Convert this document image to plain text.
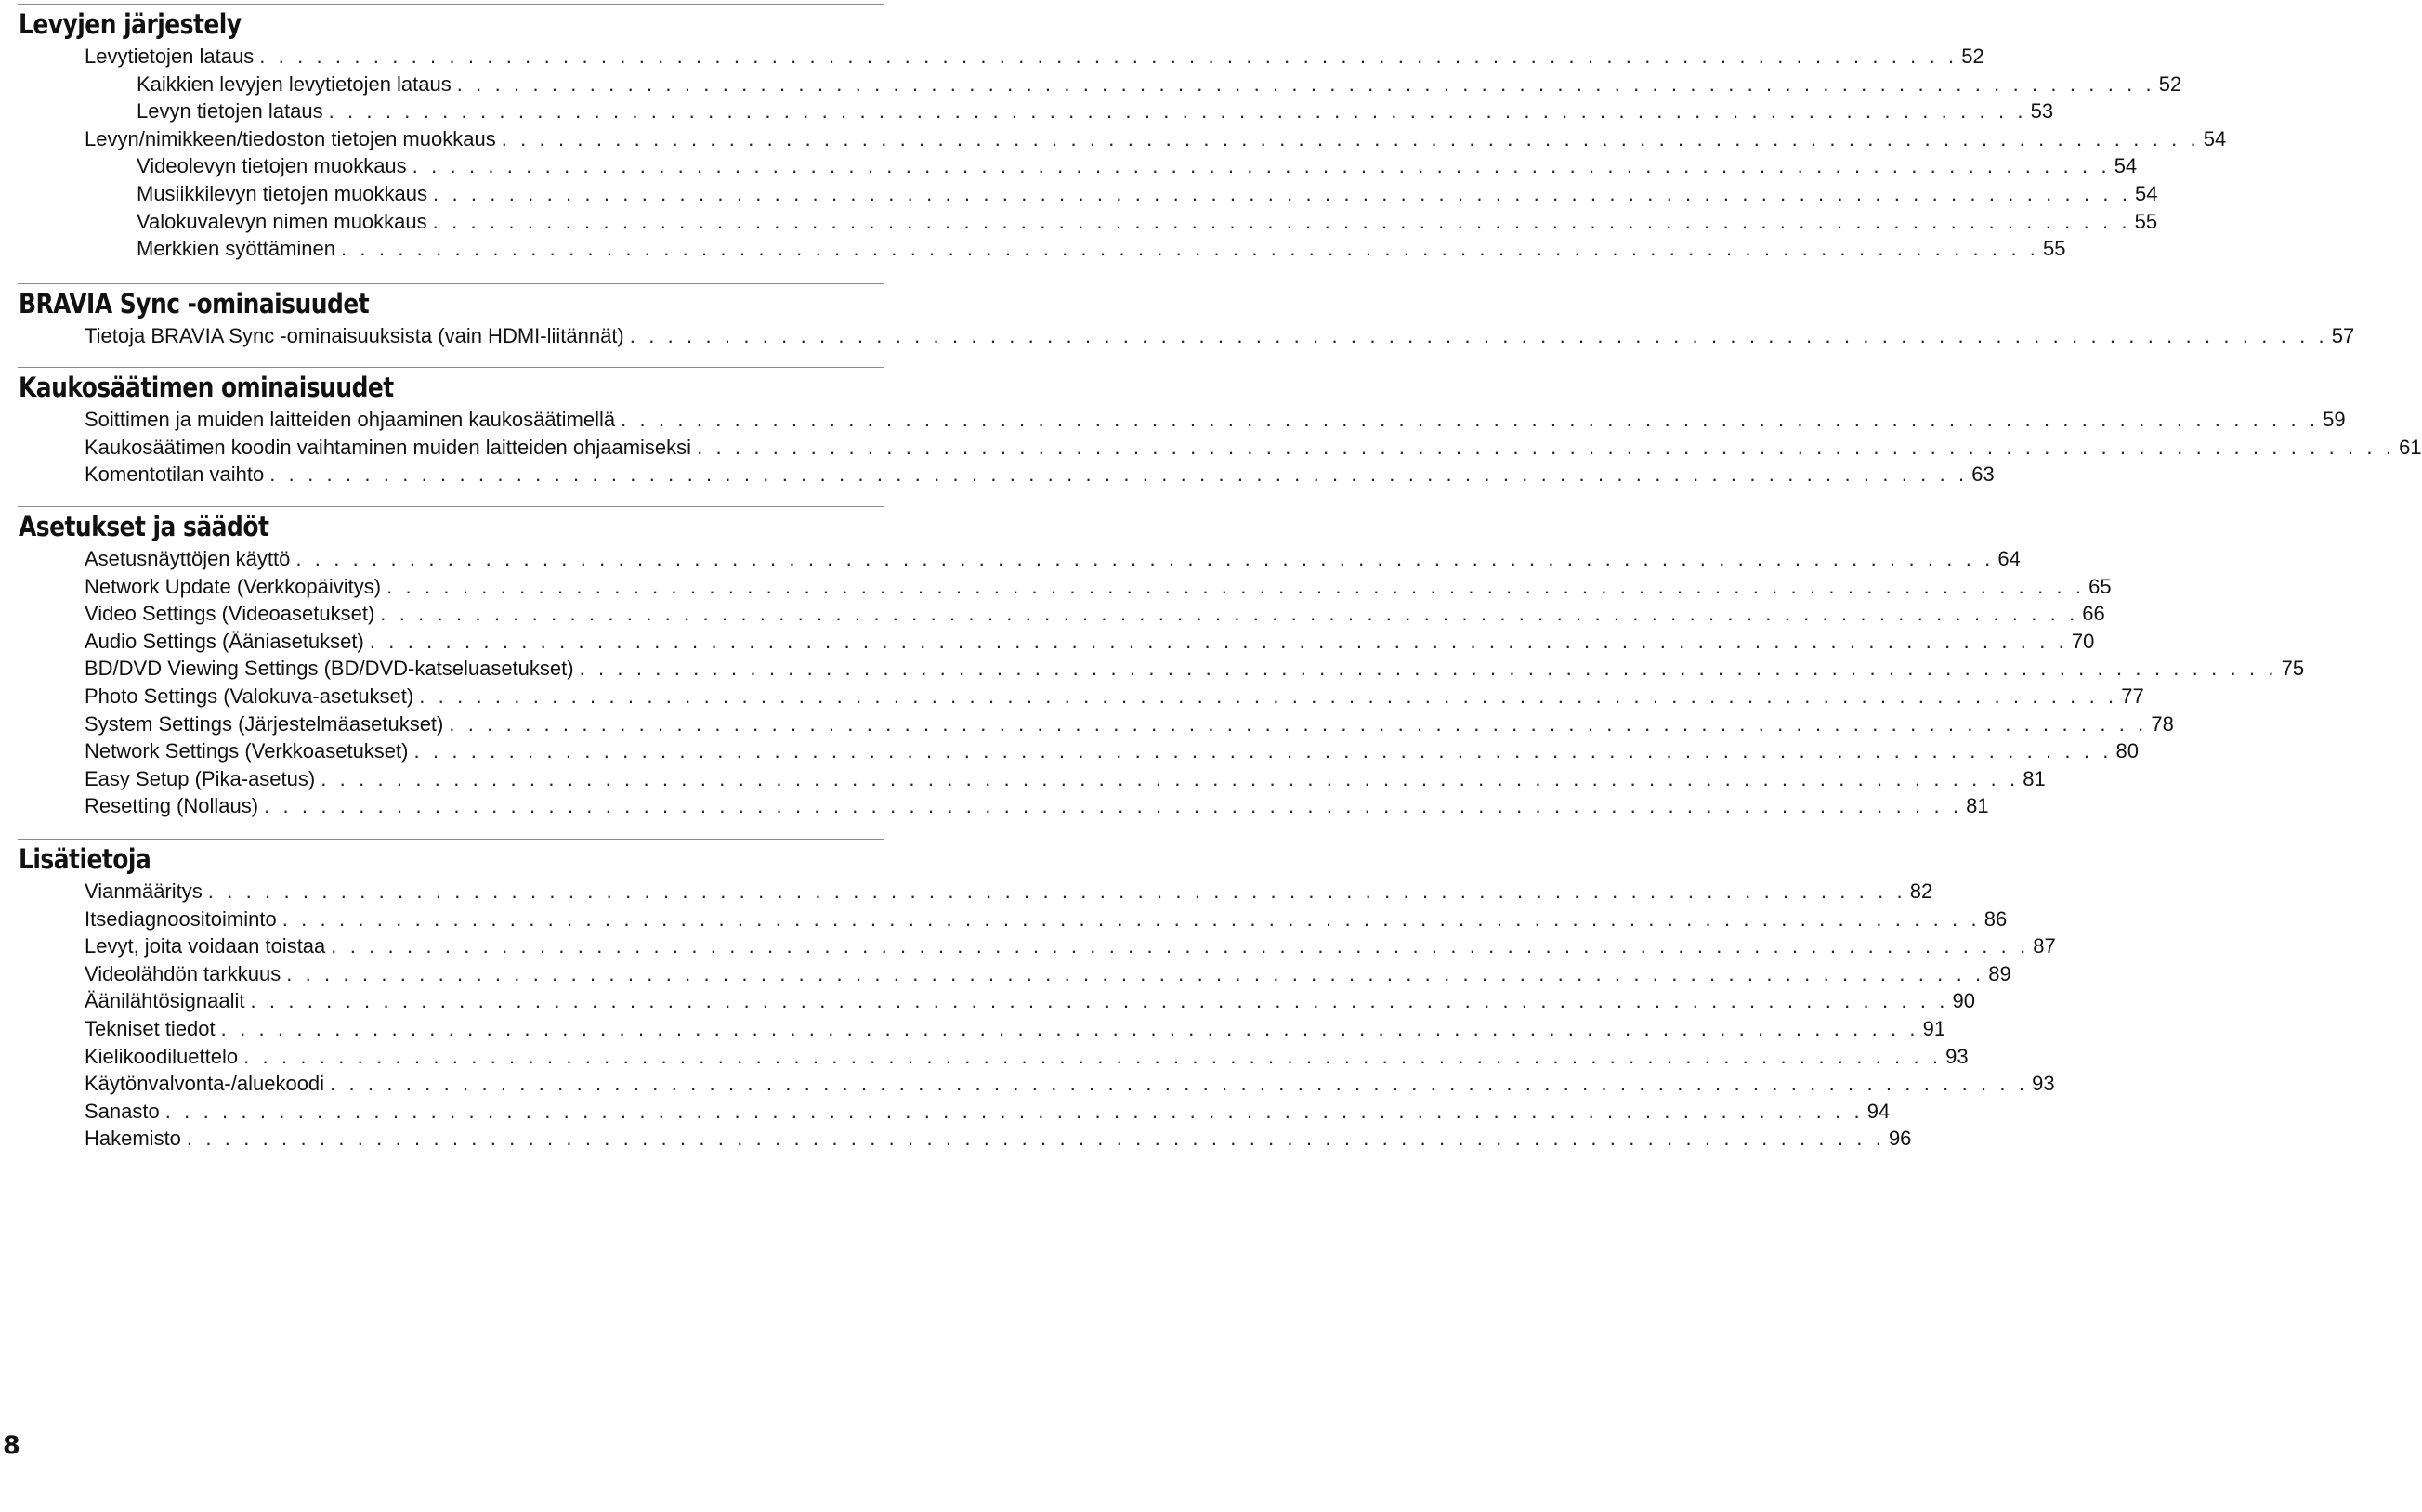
Levyjen järjestely
Levytietojen lataus . . . . . . . . . . . . . . . . . . . . . . . . . . . . . . . . . . . . . . . . . . . . . . . . . . . . . . . . . . . . . . . . . . . . . . . . . . . . . . . . . . . . . . . . . . 52
Kaikkien levyjen levytietojen lataus . . . . . . . . . . . . . . . . . . . . . . . . . . . . . . . . . . . . . . . . . . . . . . . . . . . . . . . . . . . . . . . . . . . . . . . . . . . . . . . . . . . . . . . . . . 52
Levyn tietojen lataus . . . . . . . . . . . . . . . . . . . . . . . . . . . . . . . . . . . . . . . . . . . . . . . . . . . . . . . . . . . . . . . . . . . . . . . . . . . . . . . . . . . . . . . . . . 53
Levyn/nimikkeen/tiedoston tietojen muokkaus . . . . . . . . . . . . . . . . . . . . . . . . . . . . . . . . . . . . . . . . . . . . . . . . . . . . . . . . . . . . . . . . . . . . . . . . . . . . . . . . . . . . . . . . . . 54
Videolevyn tietojen muokkaus . . . . . . . . . . . . . . . . . . . . . . . . . . . . . . . . . . . . . . . . . . . . . . . . . . . . . . . . . . . . . . . . . . . . . . . . . . . . . . . . . . . . . . . . . . 54
Musiikkilevyn tietojen muokkaus . . . . . . . . . . . . . . . . . . . . . . . . . . . . . . . . . . . . . . . . . . . . . . . . . . . . . . . . . . . . . . . . . . . . . . . . . . . . . . . . . . . . . . . . . . 54
Valokuvalevyn nimen muokkaus . . . . . . . . . . . . . . . . . . . . . . . . . . . . . . . . . . . . . . . . . . . . . . . . . . . . . . . . . . . . . . . . . . . . . . . . . . . . . . . . . . . . . . . . . . 55
Merkkien syöttäminen . . . . . . . . . . . . . . . . . . . . . . . . . . . . . . . . . . . . . . . . . . . . . . . . . . . . . . . . . . . . . . . . . . . . . . . . . . . . . . . . . . . . . . . . . . 55
BRAVIA Sync -ominaisuudet
Tietoja BRAVIA Sync -ominaisuuksista (vain HDMI-liitännät) . . . . . . . . . . . . . . . . . . . . . . . . . . . . . . . . . . . . . . . . . . . . . . . . . . . . . . . . . . . . . . . . . . . . . . . . . . . . . . . . . . . . . . . . . . 57
Kaukosäätimen ominaisuudet
Soittimen ja muiden laitteiden ohjaaminen kaukosäätimellä . . . . . . . . . . . . . . . . . . . . . . . . . . . . . . . . . . . . . . . . . . . . . . . . . . . . . . . . . . . . . . . . . . . . . . . . . . . . . . . . . . . . . . . . . . 59
Kaukosäätimen koodin vaihtaminen muiden laitteiden ohjaamiseksi . . . . . . . . . . . . . . . . . . . . . . . . . . . . . . . . . . . . . . . . . . . . . . . . . . . . . . . . . . . . . . . . . . . . . . . . . . . . . . . . . . . . . . . . . . 61
Komentotilan vaihto . . . . . . . . . . . . . . . . . . . . . . . . . . . . . . . . . . . . . . . . . . . . . . . . . . . . . . . . . . . . . . . . . . . . . . . . . . . . . . . . . . . . . . . . . . 63
Asetukset ja säädöt
Asetusnäyttöjen käyttö . . . . . . . . . . . . . . . . . . . . . . . . . . . . . . . . . . . . . . . . . . . . . . . . . . . . . . . . . . . . . . . . . . . . . . . . . . . . . . . . . . . . . . . . . . 64
Network Update (Verkkopäivitys) . . . . . . . . . . . . . . . . . . . . . . . . . . . . . . . . . . . . . . . . . . . . . . . . . . . . . . . . . . . . . . . . . . . . . . . . . . . . . . . . . . . . . . . . . . 65
Video Settings (Videoasetukset) . . . . . . . . . . . . . . . . . . . . . . . . . . . . . . . . . . . . . . . . . . . . . . . . . . . . . . . . . . . . . . . . . . . . . . . . . . . . . . . . . . . . . . . . . . 66
Audio Settings (Ääniasetukset) . . . . . . . . . . . . . . . . . . . . . . . . . . . . . . . . . . . . . . . . . . . . . . . . . . . . . . . . . . . . . . . . . . . . . . . . . . . . . . . . . . . . . . . . . . 70
BD/DVD Viewing Settings (BD/DVD-katseluasetukset) . . . . . . . . . . . . . . . . . . . . . . . . . . . . . . . . . . . . . . . . . . . . . . . . . . . . . . . . . . . . . . . . . . . . . . . . . . . . . . . . . . . . . . . . . . 75
Photo Settings (Valokuva-asetukset) . . . . . . . . . . . . . . . . . . . . . . . . . . . . . . . . . . . . . . . . . . . . . . . . . . . . . . . . . . . . . . . . . . . . . . . . . . . . . . . . . . . . . . . . . . 77
System Settings (Järjestelmäasetukset) . . . . . . . . . . . . . . . . . . . . . . . . . . . . . . . . . . . . . . . . . . . . . . . . . . . . . . . . . . . . . . . . . . . . . . . . . . . . . . . . . . . . . . . . . . 78
Network Settings (Verkkoasetukset) . . . . . . . . . . . . . . . . . . . . . . . . . . . . . . . . . . . . . . . . . . . . . . . . . . . . . . . . . . . . . . . . . . . . . . . . . . . . . . . . . . . . . . . . . . 80
Easy Setup (Pika-asetus) . . . . . . . . . . . . . . . . . . . . . . . . . . . . . . . . . . . . . . . . . . . . . . . . . . . . . . . . . . . . . . . . . . . . . . . . . . . . . . . . . . . . . . . . . . 81
Resetting (Nollaus) . . . . . . . . . . . . . . . . . . . . . . . . . . . . . . . . . . . . . . . . . . . . . . . . . . . . . . . . . . . . . . . . . . . . . . . . . . . . . . . . . . . . . . . . . . 81
Lisätietoja
Vianmääritys . . . . . . . . . . . . . . . . . . . . . . . . . . . . . . . . . . . . . . . . . . . . . . . . . . . . . . . . . . . . . . . . . . . . . . . . . . . . . . . . . . . . . . . . . . 82
Itsediagnoositoiminto . . . . . . . . . . . . . . . . . . . . . . . . . . . . . . . . . . . . . . . . . . . . . . . . . . . . . . . . . . . . . . . . . . . . . . . . . . . . . . . . . . . . . . . . . . 86
Levyt, joita voidaan toistaa . . . . . . . . . . . . . . . . . . . . . . . . . . . . . . . . . . . . . . . . . . . . . . . . . . . . . . . . . . . . . . . . . . . . . . . . . . . . . . . . . . . . . . . . . . 87
Videolähdön tarkkuus . . . . . . . . . . . . . . . . . . . . . . . . . . . . . . . . . . . . . . . . . . . . . . . . . . . . . . . . . . . . . . . . . . . . . . . . . . . . . . . . . . . . . . . . . . 89
Äänilähtösignaalit . . . . . . . . . . . . . . . . . . . . . . . . . . . . . . . . . . . . . . . . . . . . . . . . . . . . . . . . . . . . . . . . . . . . . . . . . . . . . . . . . . . . . . . . . . 90
Tekniset tiedot . . . . . . . . . . . . . . . . . . . . . . . . . . . . . . . . . . . . . . . . . . . . . . . . . . . . . . . . . . . . . . . . . . . . . . . . . . . . . . . . . . . . . . . . . . 91
Kielikoodiluettelo . . . . . . . . . . . . . . . . . . . . . . . . . . . . . . . . . . . . . . . . . . . . . . . . . . . . . . . . . . . . . . . . . . . . . . . . . . . . . . . . . . . . . . . . . . 93
Käytönvalvonta-/aluekoodi . . . . . . . . . . . . . . . . . . . . . . . . . . . . . . . . . . . . . . . . . . . . . . . . . . . . . . . . . . . . . . . . . . . . . . . . . . . . . . . . . . . . . . . . . . 93
Sanasto . . . . . . . . . . . . . . . . . . . . . . . . . . . . . . . . . . . . . . . . . . . . . . . . . . . . . . . . . . . . . . . . . . . . . . . . . . . . . . . . . . . . . . . . . . 94
Hakemisto . . . . . . . . . . . . . . . . . . . . . . . . . . . . . . . . . . . . . . . . . . . . . . . . . . . . . . . . . . . . . . . . . . . . . . . . . . . . . . . . . . . . . . . . . . 96
8
